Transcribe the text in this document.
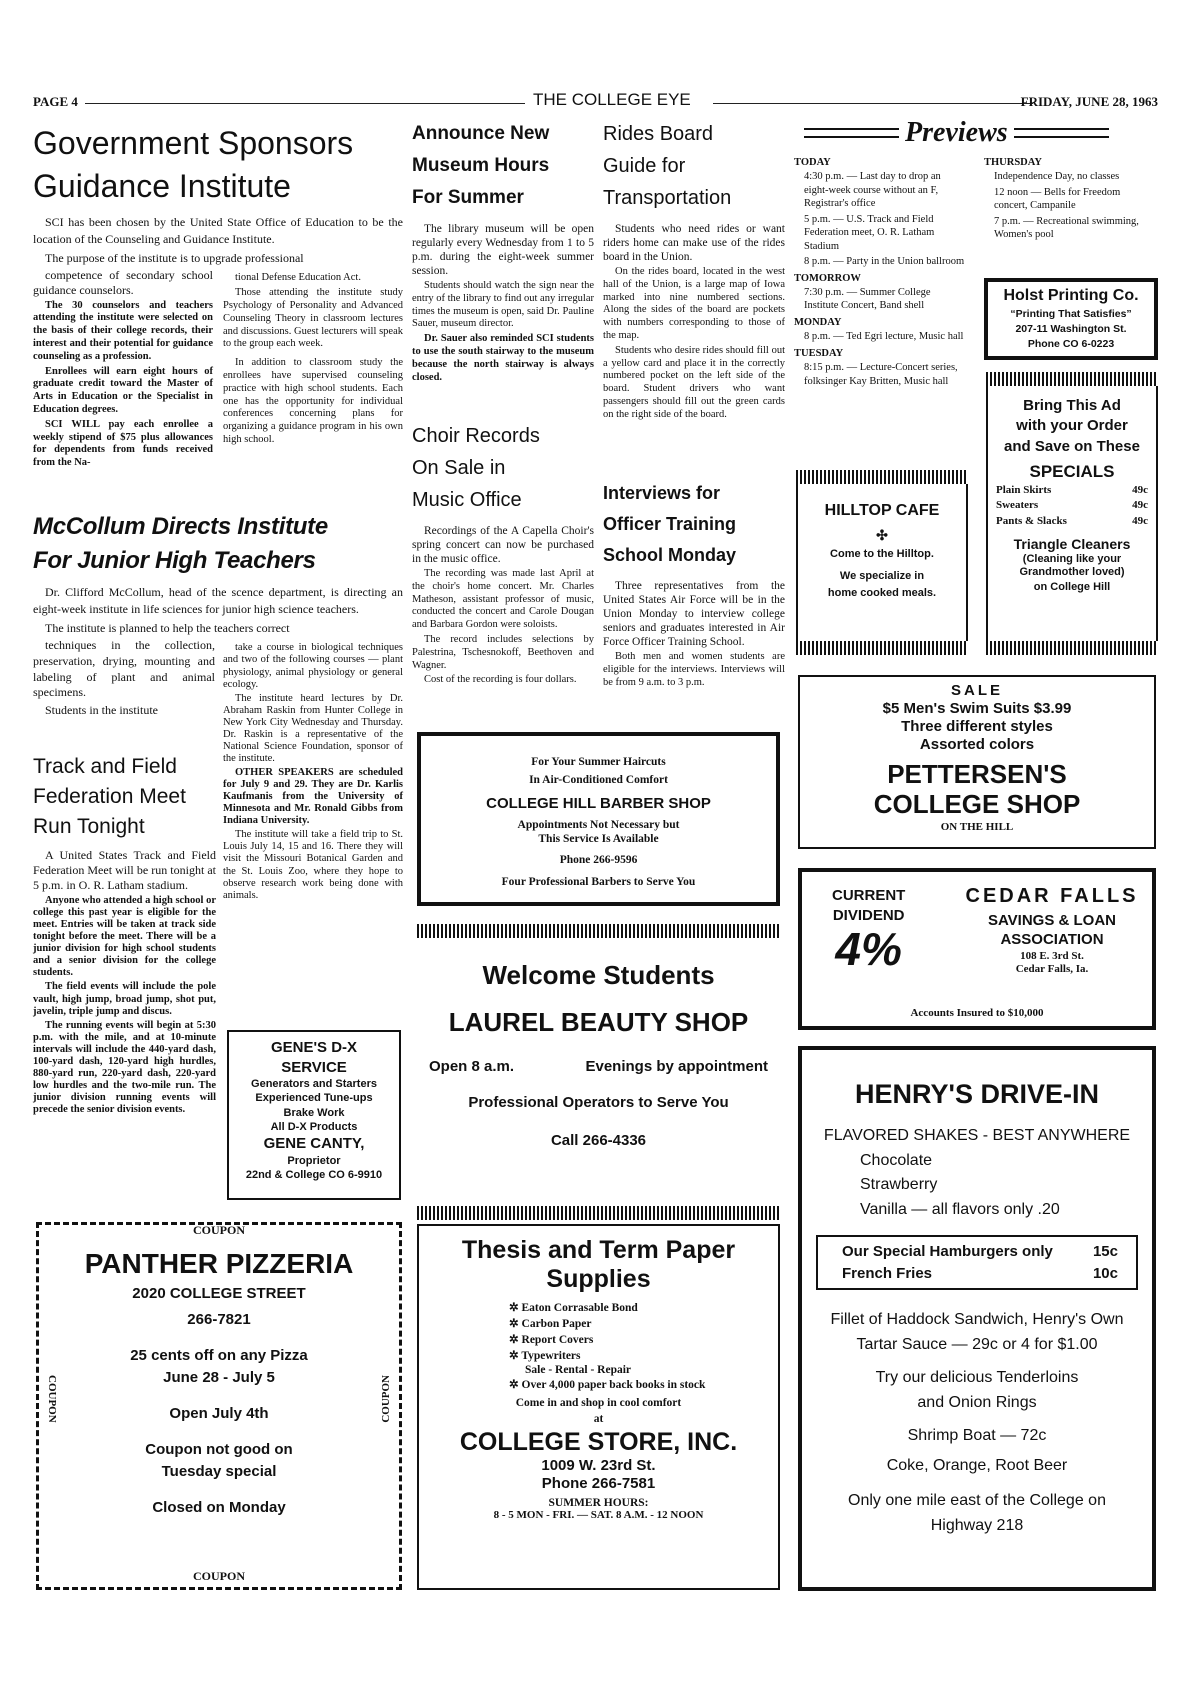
PAGE 4	THE COLLEGE EYE	FRIDAY, JUNE 28, 1963
Government Sponsors
Guidance Institute

SCI has been chosen by the United State Office of Education to be the location of the Counseling and Guidance Institute.

The purpose of the institute is to upgrade professional

competence of secondary school guidance counselors.

The 30 counselors and teachers attending the institute were selected on the basis of their college records, their interest and their potential for guidance counseling as a profession.

Enrollees will earn eight hours of graduate credit toward the Master of Arts in Education or the Specialist in Education degrees.

SCI WILL pay each enrollee a weekly stipend of $75 plus allowances for dependents from funds received from the Na-

tional Defense Education Act.

Those attending the institute study Psychology of Personality and Advanced Counseling Theory in classroom lectures and discussions. Guest lecturers will speak to the group each week.

In addition to classroom study the enrollees have supervised counseling practice with high school students. Each one has the opportunity for individual conferences concerning plans for organizing a guidance program in his own high school.

McCollum Directs Institute
For Junior High Teachers

Dr. Clifford McCollum, head of the scence department, is directing an eight-week institute in life sciences for junior high science teachers.

The institute is planned to help the teachers correct

techniques in the collection, preservation, drying, mounting and labeling of plant and animal specimens.

Students in the institute

take a course in biological techniques and two of the following courses — plant physiology, animal physiology or general ecology.

The institute heard lectures by Dr. Abraham Raskin from Hunter College in New York City Wednesday and Thursday. Dr. Raskin is a representative of the National Science Foundation, sponsor of the institute.

OTHER SPEAKERS are scheduled for July 9 and 29. They are Dr. Karlis Kaufmanis from the University of Minnesota and Mr. Ronald Gibbs from Indiana University.

The institute will take a field trip to St. Louis July 14, 15 and 16. There they will visit the Missouri Botanical Garden and the St. Louis Zoo, where they hope to observe research work being done with animals.

Track and Field
Federation Meet
Run Tonight

A United States Track and Field Federation Meet will be run tonight at 5 p.m. in O. R. Latham stadium.

Anyone who attended a high school or college this past year is eligible for the meet. Entries will be taken at track side tonight before the meet. There will be a junior division for high school students and a senior division for the college students.

The field events will include the pole vault, high jump, broad jump, shot put, javelin, triple jump and discus.

The running events will begin at 5:30 p.m. with the mile, and at 10-minute intervals will include the 440-yard dash, 100-yard dash, 120-yard high hurdles, 880-yard run, 220-yard dash, 220-yard low hurdles and the two-mile run. The junior division running events will precede the senior division events.

GENE'S D-X
SERVICE
Generators and Starters
Experienced Tune-ups
Brake Work
All D-X Products
GENE CANTY,
Proprietor
22nd & College CO 6-9910
COUPON
COUPON	COUPON
PANTHER PIZZERIA
2020 COLLEGE STREET
266-7821
25 cents off on any Pizza
June 28 - July 5
Open July 4th
Coupon not good on
Tuesday special
Closed on Monday
COUPON
Announce New
Museum Hours
For Summer

The library museum will be open regularly every Wednesday from 1 to 5 p.m. during the eight-week summer session.

Students should watch the sign near the entry of the library to find out any irregular times the museum is open, said Dr. Pauline Sauer, museum director.

Dr. Sauer also reminded SCI students to use the south stairway to the museum because the north stairway is always closed.

Choir Records
On Sale in
Music Office

Recordings of the A Capella Choir's spring concert can now be purchased in the music office.

The recording was made last April at the choir's home concert. Mr. Charles Matheson, assistant professor of music, conducted the concert and Carole Dougan and Barbara Gordon were soloists.

The record includes selections by Palestrina, Tschesnokoff, Beethoven and Wagner.

Cost of the recording is four dollars.

Rides Board
Guide for
Transportation

Students who need rides or want riders home can make use of the rides board in the Union.

On the rides board, located in the west hall of the Union, is a large map of Iowa marked into nine numbered sections. Along the sides of the board are pockets with numbers corresponding to those of the map.

Students who desire rides should fill out a yellow card and place it in the correctly numbered pocket on the left side of the board. Student drivers who want passengers should fill out the green cards on the right side of the board.

Interviews for
Officer Training
School Monday

Three representatives from the United States Air Force will be in the Union Monday to interview college seniors and graduates interested in Air Force Officer Training School.

Both men and women students are eligible for the interviews. Interviews will be from 9 a.m. to 3 p.m.

For Your Summer Haircuts
In Air-Conditioned Comfort
COLLEGE HILL BARBER SHOP
Appointments Not Necessary but
This Service Is Available
Phone 266-9596
Four Professional Barbers to Serve You
Welcome Students
LAUREL BEAUTY SHOP
Open 8 a.m.	Evenings by appointment
Professional Operators to Serve You
Call 266-4336
Thesis and Term Paper
Supplies
✲ Eaton Corrasable Bond
✲ Carbon Paper
✲ Report Covers
✲ Typewriters
Sale - Rental - Repair
✲ Over 4,000 paper back books in stock
Come in and shop in cool comfort
at
COLLEGE STORE, INC.
1009 W. 23rd St.
Phone 266-7581
SUMMER HOURS:
8 - 5 MON - FRI. — SAT. 8 A.M. - 12 NOON
Previews
TODAY
4:30 p.m. — Last day to drop an eight-week course without an F, Registrar's office
5 p.m. — U.S. Track and Field Federation meet, O. R. Latham Stadium
8 p.m. — Party in the Union ballroom
TOMORROW
7:30 p.m. — Summer College Institute Concert, Band shell
MONDAY
8 p.m. — Ted Egri lecture, Music hall
TUESDAY
8:15 p.m. — Lecture-Concert series, folksinger Kay Britten, Music hall
THURSDAY
Independence Day, no classes
12 noon — Bells for Freedom concert, Campanile
7 p.m. — Recreational swimming, Women's pool
Holst Printing Co.
“Printing That Satisfies”
207-11 Washington St.
Phone CO 6-0223
HILLTOP CAFE
✣
Come to the Hilltop.
We specialize in
home cooked meals.
Bring This Ad
with your Order
and Save on These
SPECIALS
Plain Skirts	49c
Sweaters	49c
Pants & Slacks	49c
Triangle Cleaners
(Cleaning like your
Grandmother loved)
on College Hill
SALE
$5 Men's Swim Suits $3.99
Three different styles
Assorted colors
PETTERSEN'S
COLLEGE SHOP
ON THE HILL
CURRENT
DIVIDEND
4%
CEDAR FALLS
SAVINGS & LOAN
ASSOCIATION
108 E. 3rd St.
Cedar Falls, Ia.
Accounts Insured to $10,000
HENRY'S DRIVE-IN
FLAVORED SHAKES - BEST ANYWHERE
Chocolate
Strawberry
Vanilla — all flavors only .20
Our Special Hamburgers only	15c
French Fries	10c
Fillet of Haddock Sandwich, Henry's Own
Tartar Sauce — 29c or 4 for $1.00
Try our delicious Tenderloins
and Onion Rings
Shrimp Boat — 72c
Coke, Orange, Root Beer
Only one mile east of the College on
Highway 218
